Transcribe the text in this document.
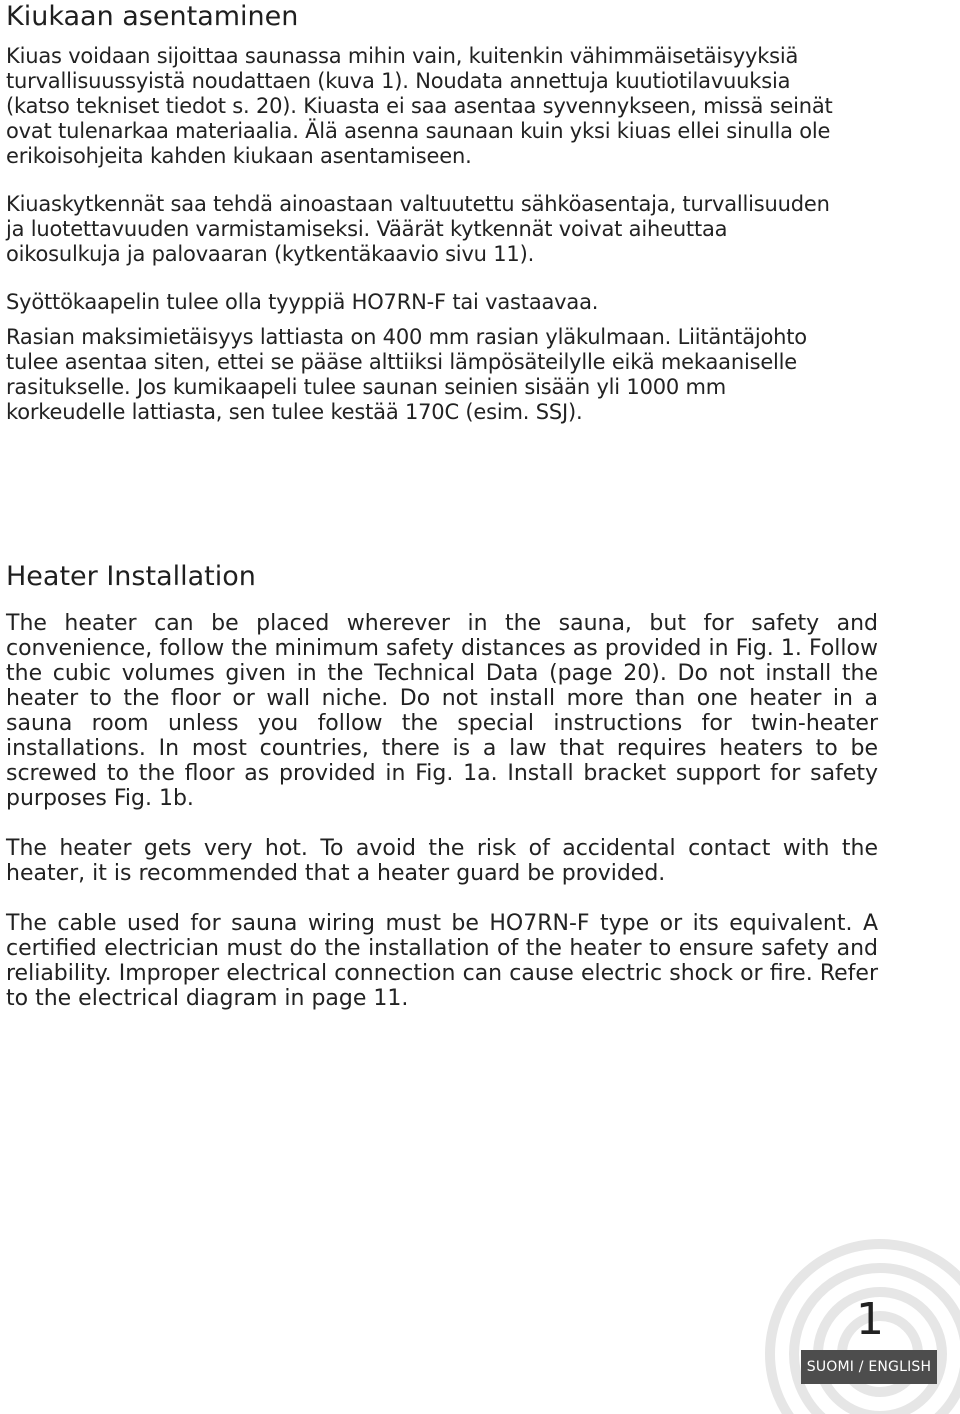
Kiukaan asentaminen

Kiuas voidaan sijoittaa saunassa mihin vain, kuitenkin vähimmäisetäisyyksiä turvallisuussyistä noudattaen (kuva 1). Noudata annettuja kuutiotilavuuksia (katso tekniset tiedot s. 20). Kiuasta ei saa asentaa syvennykseen, missä seinät ovat tulenarkaa materiaalia. Älä asenna saunaan kuin yksi kiuas ellei sinulla ole erikoisohjeita kahden kiukaan asentamiseen.

Kiuaskytkennät saa tehdä ainoastaan valtuutettu sähköasentaja, turvallisuuden ja luotettavuuden varmistamiseksi. Väärät kytkennät voivat aiheuttaa oikosulkuja ja palovaaran (kytkentäkaavio sivu 11).

Syöttökaapelin tulee olla tyyppiä HO7RN-F tai vastaavaa.

Rasian maksimietäisyys lattiasta on 400 mm rasian yläkulmaan. Liitäntäjohto tulee asentaa siten, ettei se pääse alttiiksi lämpösäteilylle eikä mekaaniselle rasitukselle. Jos kumikaapeli tulee saunan seinien sisään yli 1000 mm korkeudelle lattiasta, sen tulee kestää 170C (esim. SSJ).

Heater Installation

The heater can be placed wherever in the sauna, but for safety and convenience, follow the minimum safety distances as provided in Fig. 1. Follow the cubic volumes given in the Technical Data (page 20). Do not install the heater to the floor or wall niche. Do not install more than one heater in a sauna room unless you follow the special instructions for twin-heater installations. In most countries, there is a law that requires heaters to be screwed to the floor as provided in Fig. 1a. Install bracket support for safety purposes Fig. 1b.

The heater gets very hot. To avoid the risk of accidental contact with the heater, it is recommended that a heater guard be provided.

The cable used for sauna wiring must be HO7RN-F type or its equivalent. A certified electrician must do the installation of the heater to ensure safety and reliability. Improper electrical connection can cause electric shock or fire. Refer to the electrical diagram in page 11.

1
SUOMI / ENGLISH
